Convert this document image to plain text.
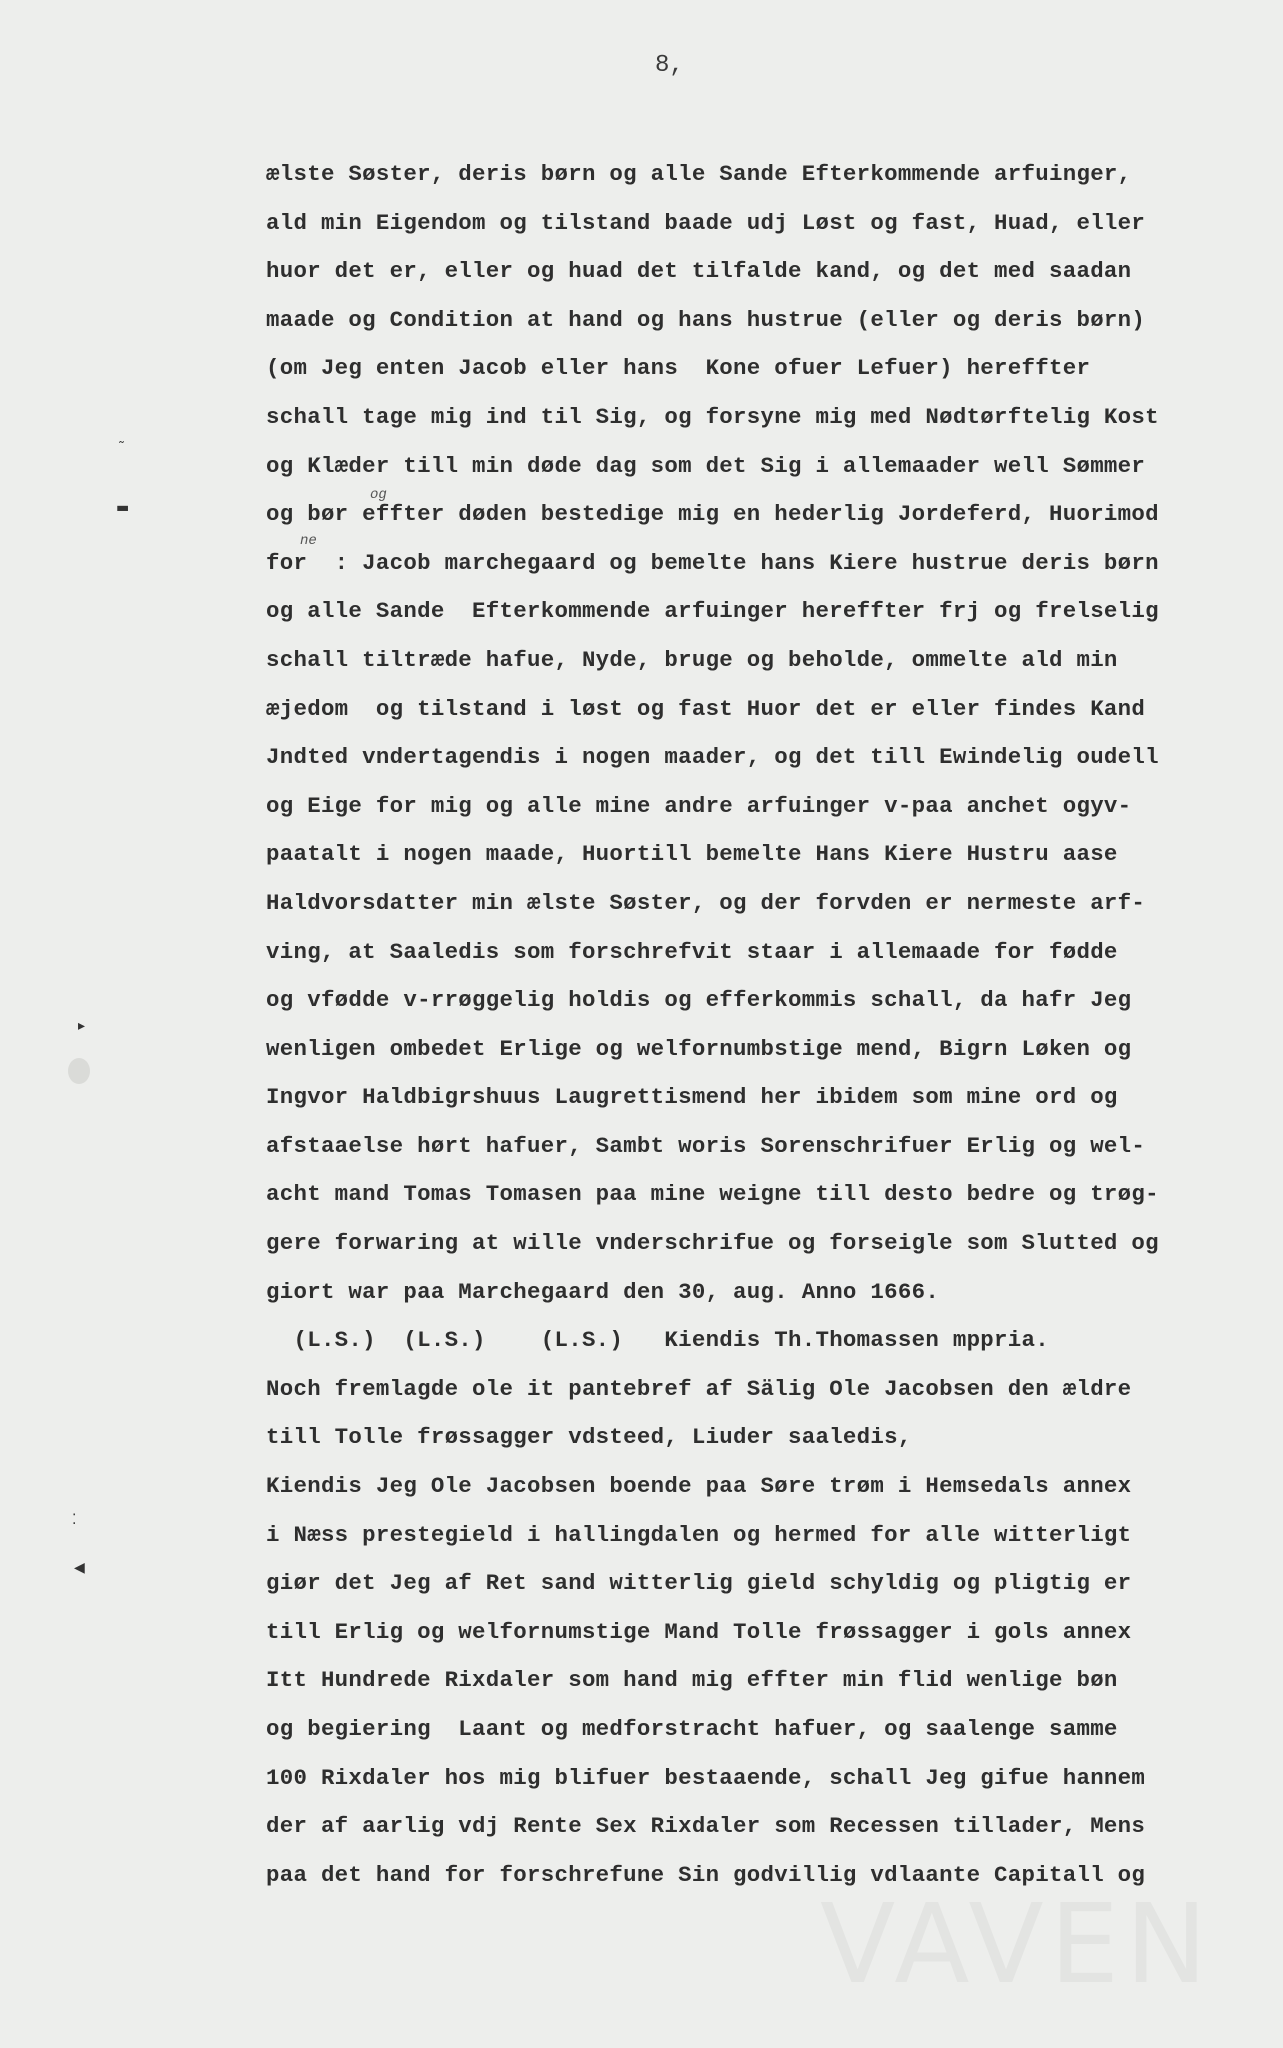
8,
og
ne
˜
▬
▸
⁚
◀
VAVEN
ælste Søster, deris børn og alle Sande Efterkommende arfuinger,
ald min Eigendom og tilstand baade udj Løst og fast, Huad, eller
huor det er, eller og huad det tilfalde kand, og det med saadan
maade og Condition at hand og hans hustrue (eller og deris børn)
(om Jeg enten Jacob eller hans  Kone ofuer Lefuer) hereffter
schall tage mig ind til Sig, og forsyne mig med Nødtørftelig Kost
og Klæder till min døde dag som det Sig i allemaader well Sømmer
og bør effter døden bestedige mig en hederlig Jordeferd, Huorimod
for  : Jacob marchegaard og bemelte hans Kiere hustrue deris børn
og alle Sande  Efterkommende arfuinger hereffter frj og frelselig
schall tiltræde hafue, Nyde, bruge og beholde, ommelte ald min
æjedom  og tilstand i løst og fast Huor det er eller findes Kand
Jndted vndertagendis i nogen maader, og det till Ewindelig oudell
og Eige for mig og alle mine andre arfuinger v-paa anchet ogyv-
paatalt i nogen maade, Huortill bemelte Hans Kiere Hustru aase
Haldvorsdatter min ælste Søster, og der forvden er nermeste arf-
ving, at Saaledis som forschrefvit staar i allemaade for fødde
og vfødde v-rrøggelig holdis og efferkommis schall, da hafr Jeg
wenligen ombedet Erlige og welfornumbstige mend, Bigrn Løken og
Ingvor Haldbigrshuus Laugrettismend her ibidem som mine ord og
afstaaelse hørt hafuer, Sambt woris Sorenschrifuer Erlig og wel-
acht mand Tomas Tomasen paa mine weigne till desto bedre og trøg-
gere forwaring at wille vnderschrifue og forseigle som Slutted og
giort war paa Marchegaard den 30, aug. Anno 1666.
(L.S.)  (L.S.)    (L.S.)   Kiendis Th.Thomassen mppria.
Noch fremlagde ole it pantebref af Sälig Ole Jacobsen den ældre
till Tolle frøssagger vdsteed, Liuder saaledis,
Kiendis Jeg Ole Jacobsen boende paa Søre trøm i Hemsedals annex
i Næss prestegield i hallingdalen og hermed for alle witterligt
giør det Jeg af Ret sand witterlig gield schyldig og pligtig er
till Erlig og welfornumstige Mand Tolle frøssagger i gols annex
Itt Hundrede Rixdaler som hand mig effter min flid wenlige bøn
og begiering  Laant og medforstracht hafuer, og saalenge samme
100 Rixdaler hos mig blifuer bestaaende, schall Jeg gifue hannem
der af aarlig vdj Rente Sex Rixdaler som Recessen tillader, Mens
paa det hand for forschrefune Sin godvillig vdlaante Capitall og
